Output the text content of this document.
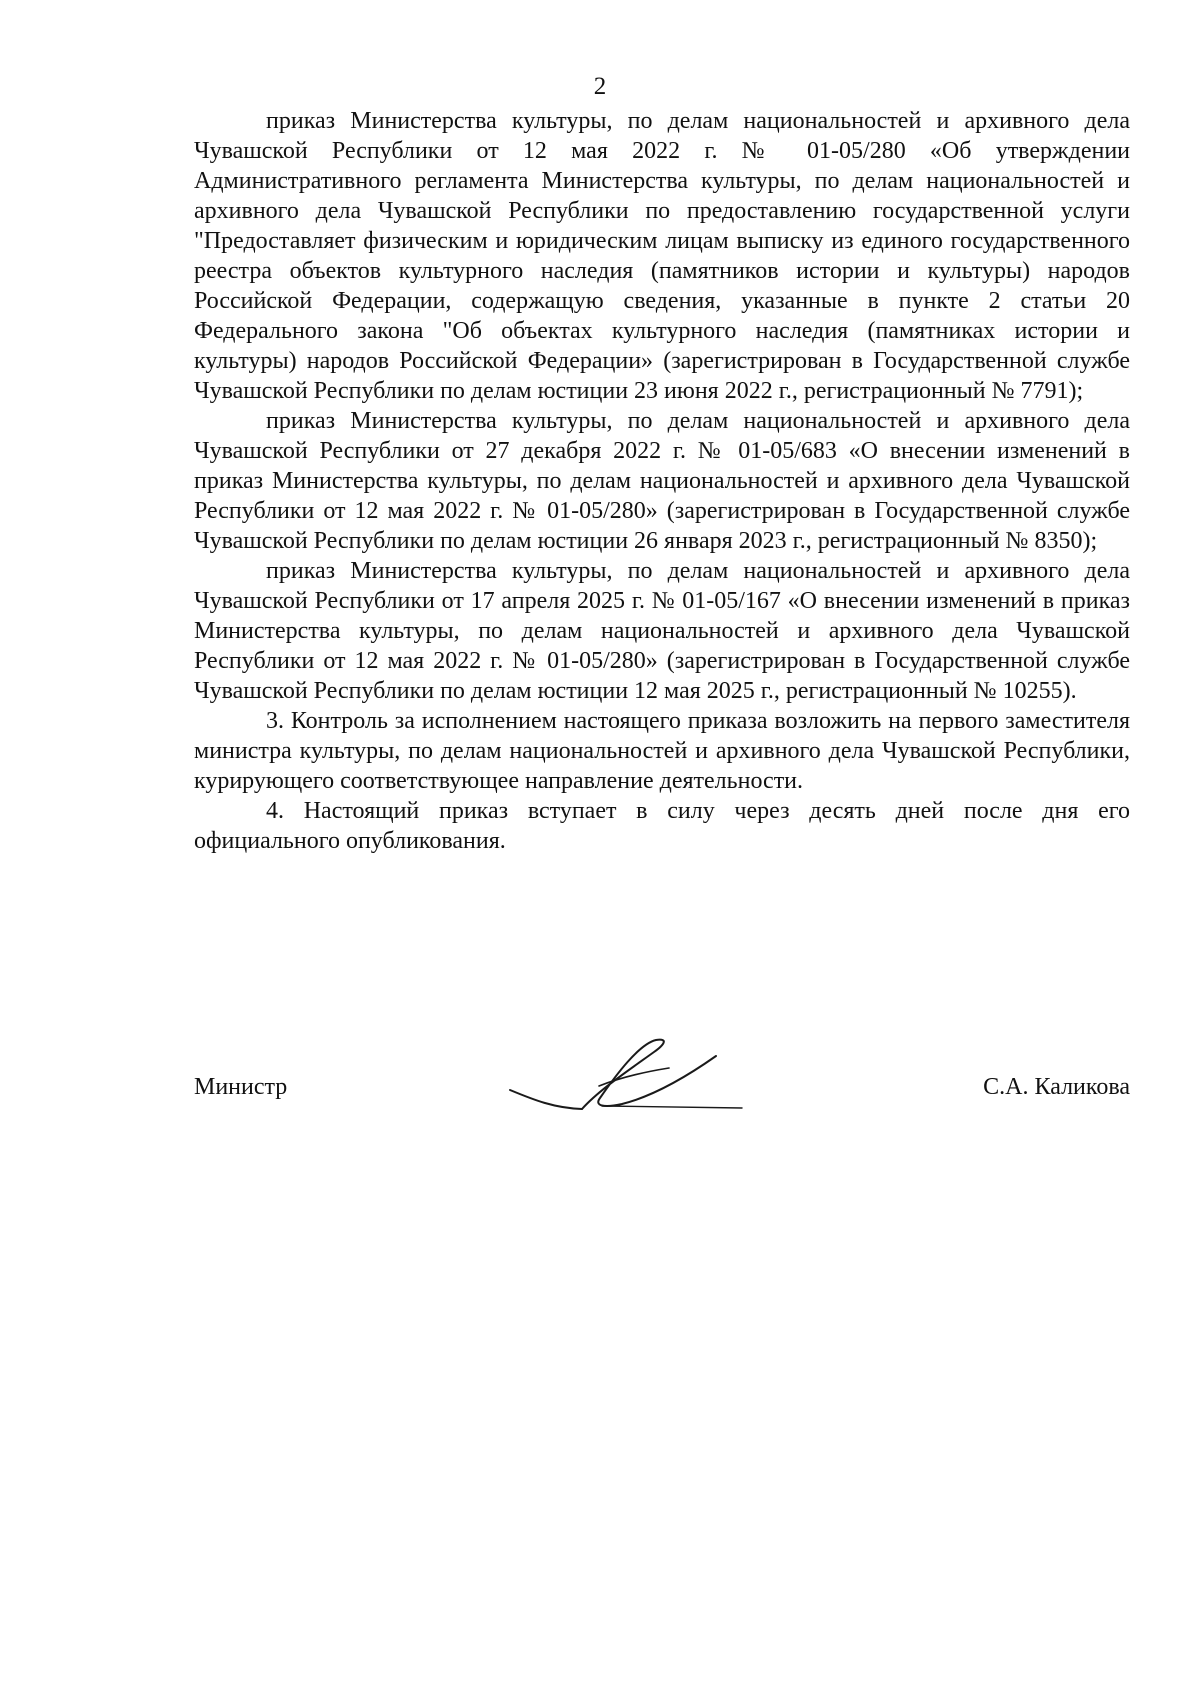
2

приказ Министерства культуры, по делам национальностей и архивного дела Чувашской Республики от 12 мая 2022 г. № 01-05/280 «Об утверждении Административного регламента Министерства культуры, по делам национальностей и архивного дела Чувашской Республики по предоставлению государственной услуги "Предоставляет физическим и юридическим лицам выписку из единого государственного реестра объектов культурного наследия (памятников истории и культуры) народов Российской Федерации, содержащую сведения, указанные в пункте 2 статьи 20 Федерального закона "Об объектах культурного наследия (памятниках истории и культуры) народов Российской Федерации» (зарегистрирован в Государственной службе Чувашской Республики по делам юстиции 23 июня 2022 г., регистрационный № 7791);

приказ Министерства культуры, по делам национальностей и архивного дела Чувашской Республики от 27 декабря 2022 г. № 01-05/683 «О внесении изменений в приказ Министерства культуры, по делам национальностей и архивного дела Чувашской Республики от 12 мая 2022 г. № 01-05/280» (зарегистрирован в Государственной службе Чувашской Республики по делам юстиции 26 января 2023 г., регистрационный № 8350);

приказ Министерства культуры, по делам национальностей и архивного дела Чувашской Республики от 17 апреля 2025 г. № 01-05/167 «О внесении изменений в приказ Министерства культуры, по делам национальностей и архивного дела Чувашской Республики от 12 мая 2022 г. № 01-05/280» (зарегистрирован в Государственной службе Чувашской Республики по делам юстиции 12 мая 2025 г., регистрационный № 10255).

3. Контроль за исполнением настоящего приказа возложить на первого заместителя министра культуры, по делам национальностей и архивного дела Чувашской Республики, курирующего соответствующее направление деятельности.

4. Настоящий приказ вступает в силу через десять дней после дня его официального опубликования.

Министр	С.А. Каликова
